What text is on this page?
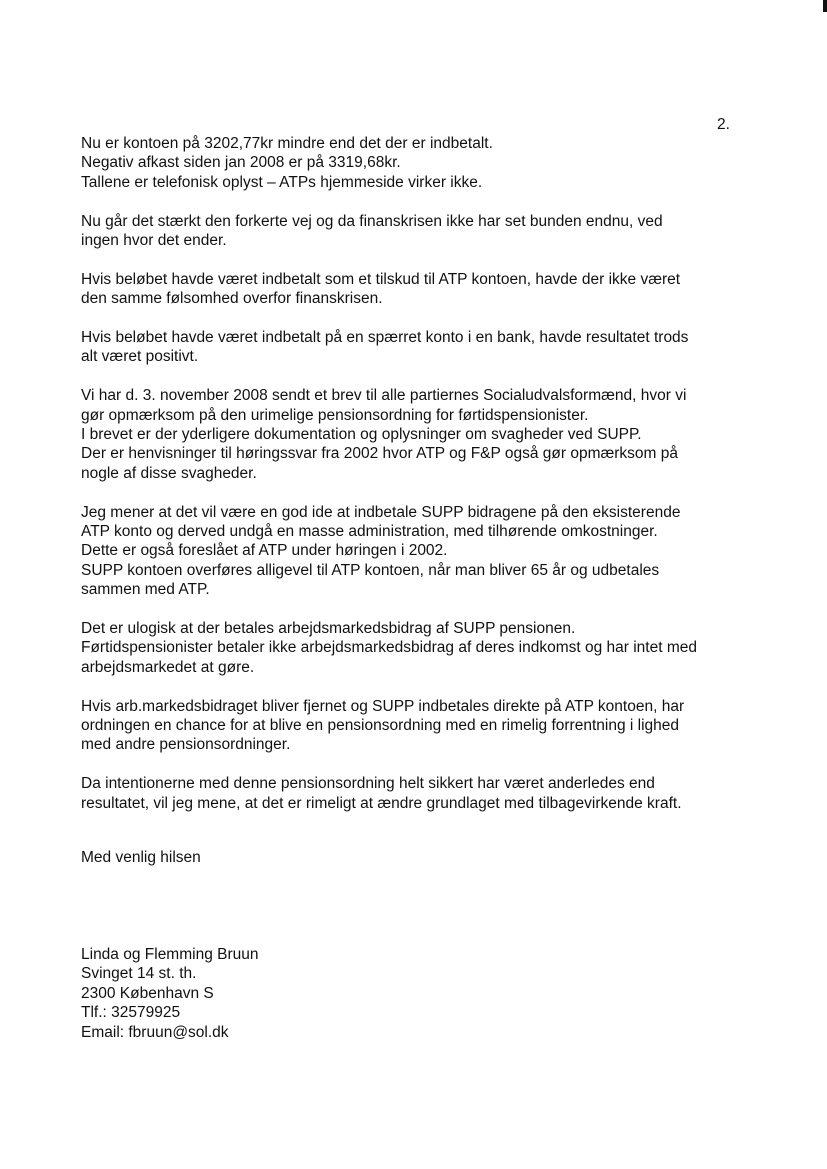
2.

Nu er kontoen på 3202,77kr mindre end det der er indbetalt.
Negativ afkast siden jan 2008 er på 3319,68kr.
Tallene er telefonisk oplyst – ATPs hjemmeside virker ikke.

Nu går det stærkt den forkerte vej og da finanskrisen ikke har set bunden endnu, ved
ingen hvor det ender.

Hvis beløbet havde været indbetalt som et tilskud til ATP kontoen, havde der ikke været
den samme følsomhed overfor finanskrisen.

Hvis beløbet havde været indbetalt på en spærret konto i en bank, havde resultatet trods
alt været positivt.

Vi har d. 3. november 2008 sendt et brev til alle partiernes Socialudvalsformænd, hvor vi
gør opmærksom på den urimelige pensionsordning for førtidspensionister.
I brevet er der yderligere dokumentation og oplysninger om svagheder ved SUPP.
Der er henvisninger til høringssvar fra 2002 hvor ATP og F&P også gør opmærksom på
nogle af disse svagheder.

Jeg mener at det vil være en god ide at indbetale SUPP bidragene på den eksisterende
ATP konto og derved undgå en masse administration, med tilhørende omkostninger.
Dette er også foreslået af ATP under høringen i 2002.
SUPP kontoen overføres alligevel til ATP kontoen, når man bliver 65 år og udbetales
sammen med ATP.

Det er ulogisk at der betales arbejdsmarkedsbidrag af SUPP pensionen.
Førtidspensionister betaler ikke arbejdsmarkedsbidrag af deres indkomst og har intet med
arbejdsmarkedet at gøre.

Hvis arb.markedsbidraget bliver fjernet og SUPP indbetales direkte på ATP kontoen, har
ordningen en chance for at blive en pensionsordning med en rimelig forrentning i lighed
med andre pensionsordninger.

Da intentionerne med denne pensionsordning helt sikkert har været anderledes end
resultatet, vil jeg mene, at det er rimeligt at ændre grundlaget med tilbagevirkende kraft.

Med venlig hilsen
Linda og Flemming Bruun
Svinget 14 st. th.
2300 København S
Tlf.: 32579925
Email: fbruun@sol.dk
